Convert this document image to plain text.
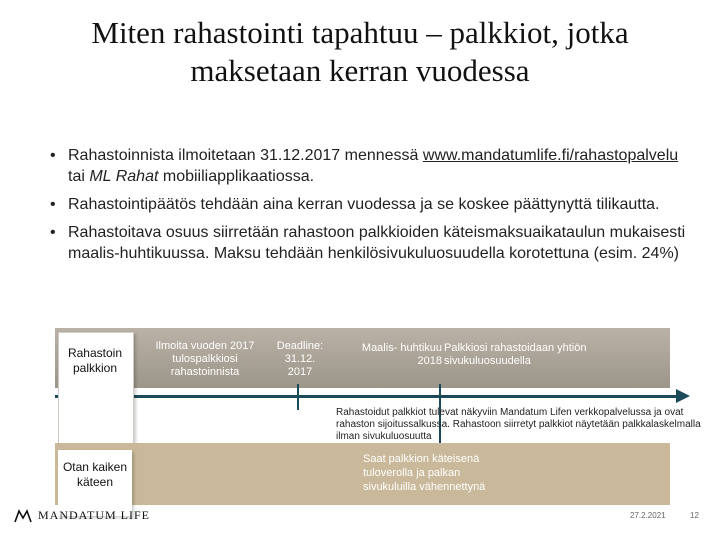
Miten rahastointi tapahtuu – palkkiot, jotka
maksetaan kerran vuodessa
• Rahastoinnista ilmoitetaan 31.12.2017 mennessä www.mandatumlife.fi/rahastopalvelu tai ML Rahat mobiiliapplikaatiossa.
• Rahastointipäätös tehdään aina kerran vuodessa ja se koskee päättynyttä tilikautta.
• Rahastoitava osuus siirretään rahastoon palkkioiden käteismaksuaikataulun mukaisesti maalis-huhtikuussa. Maksu tehdään henkilösivukuluosuudella korotettuna (esim. 24%)
Rahastoin palkkion
Ilmoita vuoden 2017 tulospalkkiosi rahastoinnista
Deadline: 31.12. 2017
Maalis- huhtikuu 2018
Palkkiosi rahastoidaan yhtiön sivukuluosuudella
Rahastoidut palkkiot tulevat näkyviin Mandatum Lifen verkkopalvelussa ja ovat rahaston sijoitussalkussa. Rahastoon siirretyt palkkiot näytetään palkkalaskelmalla ilman sivukuluosuutta
Otan kaiken käteen
Saat palkkion käteisenä tuloverolla ja palkan sivukuluilla vähennettynä
MANDATUM LIFE	27.2.2021	12
